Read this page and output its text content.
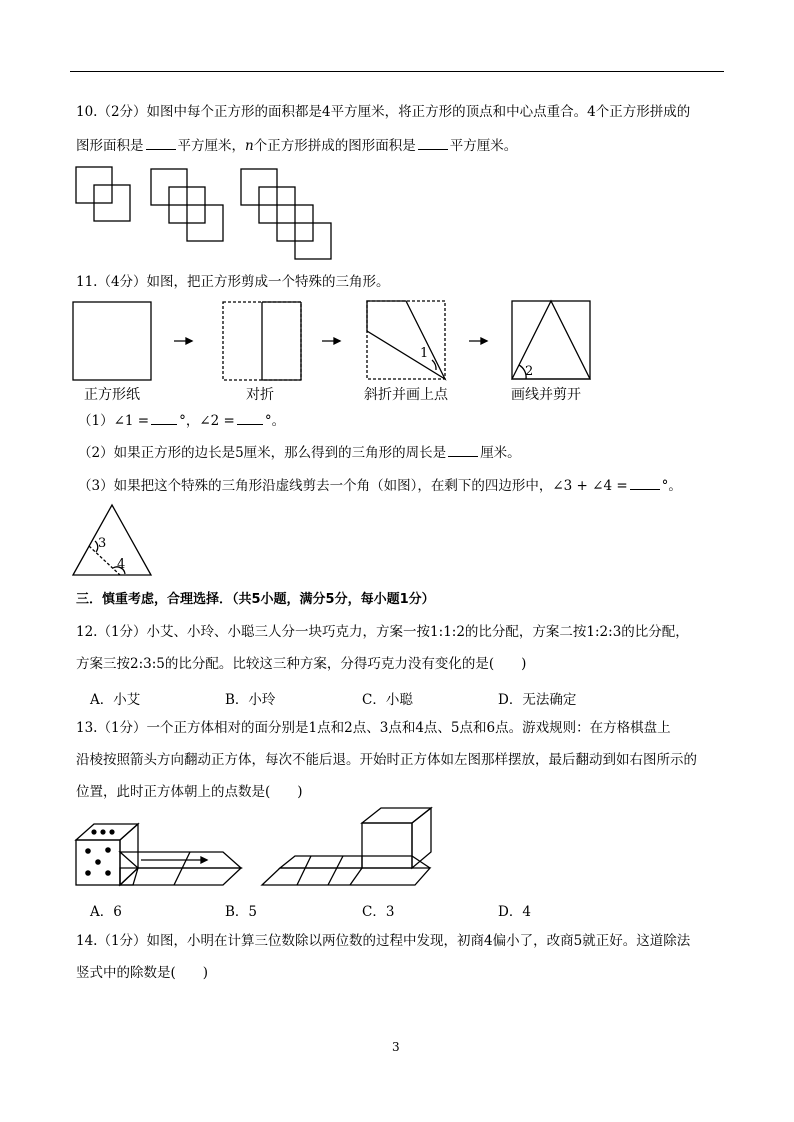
10.（2分）如图中每个正方形的面积都是4平方厘米，将正方形的顶点和中心点重合。4个正方形拼成的
图形面积是	平方厘米，n个正方形拼成的图形面积是	平方厘米。
11.（4分）如图，把正方形剪成一个特殊的三角形。
1
2
正方形纸	对折	斜折并画上点	画线并剪开
（1）∠1 = °，∠2 = °。
（2）如果正方形的边长是5厘米，那么得到的三角形的周长是	厘米。
（3）如果把这个特殊的三角形沿虚线剪去一个角（如图），在剩下的四边形中，∠3 + ∠4 =	°。
3
4
三．慎重考虑，合理选择．（共5小题，满分5分，每小题1分）
12.（1分）小艾、小玲、小聪三人分一块巧克力，方案一按1:1:2的比分配，方案二按1:2:3的比分配，
方案三按2:3:5的比分配。比较这三种方案，分得巧克力没有变化的是(　　)
A．小艾	B．小玲	C．小聪	D．无法确定
13.（1分）一个正方体相对的面分别是1点和2点、3点和4点、5点和6点。游戏规则：在方格棋盘上
沿棱按照箭头方向翻动正方体，每次不能后退。开始时正方体如左图那样摆放，最后翻动到如右图所示的
位置，此时正方体朝上的点数是(　　)
A．6	B．5	C．3	D．4
14.（1分）如图，小明在计算三位数除以两位数的过程中发现，初商4偏小了，改商5就正好。这道除法
竖式中的除数是(　　)
3
